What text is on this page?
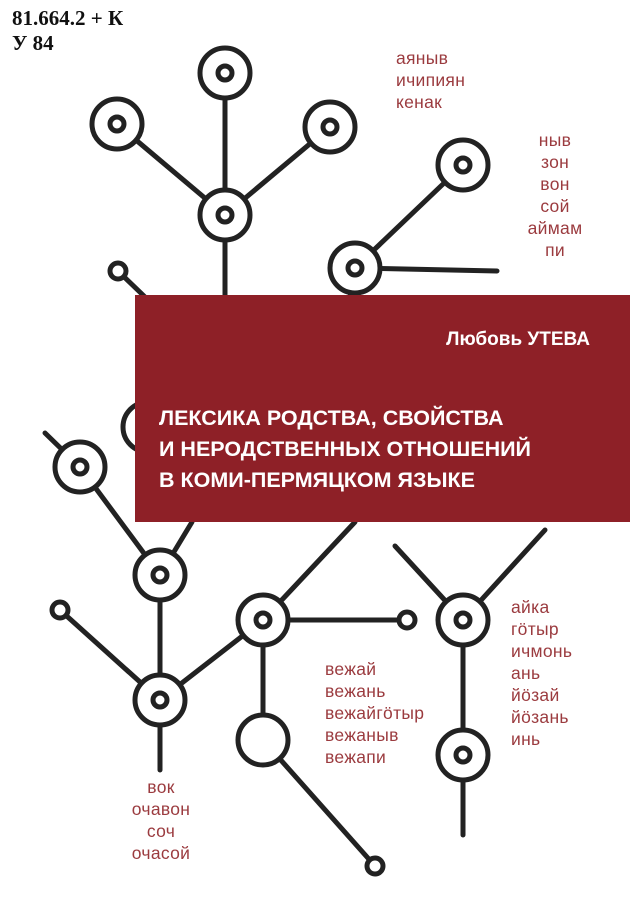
81.664.2 + К
У 84
аяныв
ичипиян
кенак
ныв
зон
вон
сой
аймам
пи
Любовь УТЕВА
ЛЕКСИКА РОДСТВА, СВОЙСТВА
И НЕРОДСТВЕННЫХ ОТНОШЕНИЙ
В КОМИ-ПЕРМЯЦКОМ ЯЗЫКЕ
вежай
вежань
вежайгӧтыр
вежаныв
вежапи
айка
гӧтыр
ичмонь
ань
йӧзай
йӧзань
инь
вок
очавон
соч
очасой
